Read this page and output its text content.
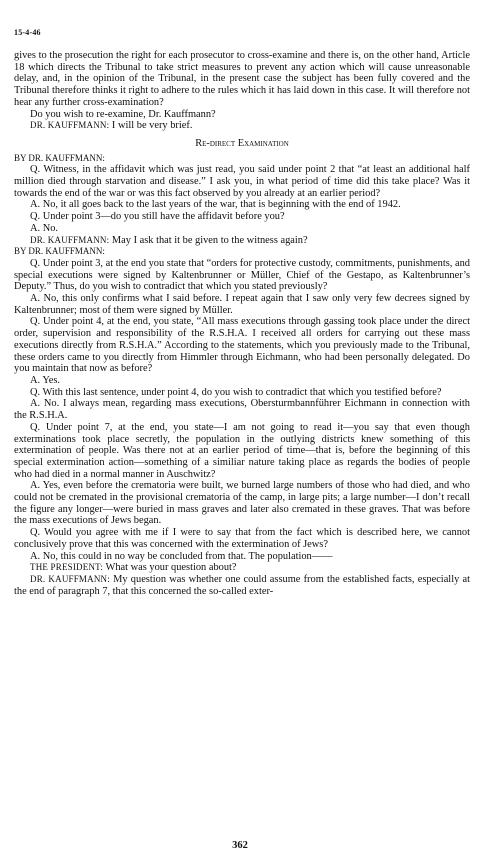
15-4-46

gives to the prosecution the right for each prosecutor to cross-examine and there is, on the other hand, Article 18 which directs the Tribunal to take strict measures to prevent any action which will cause unreasonable delay, and, in the opinion of the Tribunal, in the present case the subject has been fully covered and the Tribunal therefore thinks it right to adhere to the rules which it has laid down in this case. It will therefore not hear any further cross-examination?

Do you wish to re-examine, Dr. Kauffmann?

DR. KAUFFMANN: I will be very brief.

Re-direct Examination

BY DR. KAUFFMANN:

Q. Witness, in the affidavit which was just read, you said under point 2 that “at least an additional half million died through starvation and disease.” I ask you, in what period of time did this take place? Was it towards the end of the war or was this fact observed by you already at an earlier period?

A. No, it all goes back to the last years of the war, that is beginning with the end of 1942.

Q. Under point 3—do you still have the affidavit before you?

A. No.

DR. KAUFFMANN: May I ask that it be given to the witness again?

BY DR. KAUFFMANN:

Q. Under point 3, at the end you state that “orders for protective custody, commitments, punishments, and special executions were signed by Kaltenbrunner or Müller, Chief of the Gestapo, as Kaltenbrunner’s Deputy.” Thus, do you wish to contradict that which you stated previously?

A. No, this only confirms what I said before. I repeat again that I saw only very few decrees signed by Kaltenbrunner; most of them were signed by Müller.

Q. Under point 4, at the end, you state, “All mass executions through gassing took place under the direct order, supervision and responsibility of the R.S.H.A. I received all orders for carrying out these mass executions directly from R.S.H.A.” According to the statements, which you previously made to the Tribunal, these orders came to you directly from Himmler through Eichmann, who had been personally delegated. Do you maintain that now as before?

A. Yes.

Q. With this last sentence, under point 4, do you wish to contradict that which you testified before?

A. No. I always mean, regarding mass executions, Obersturmbannführer Eichmann in connection with the R.S.H.A.

Q. Under point 7, at the end, you state—I am not going to read it—you say that even though exterminations took place secretly, the population in the outlying districts knew something of this extermination of people. Was there not at an earlier period of time—that is, before the beginning of this special extermination action—something of a similiar nature taking place as regards the bodies of people who had died in a normal manner in Auschwitz?

A. Yes, even before the crematoria were built, we burned large numbers of those who had died, and who could not be cremated in the provisional crematoria of the camp, in large pits; a large number—I don’t recall the figure any longer—were buried in mass graves and later also cremated in these graves. That was before the mass executions of Jews began.

Q. Would you agree with me if I were to say that from the fact which is described here, we cannot conclusively prove that this was concerned with the extermination of Jews?

A. No, this could in no way be concluded from that. The population——

THE PRESIDENT: What was your question about?

DR. KAUFFMANN: My question was whether one could assume from the established facts, especially at the end of paragraph 7, that this concerned the so-called exter-

362
